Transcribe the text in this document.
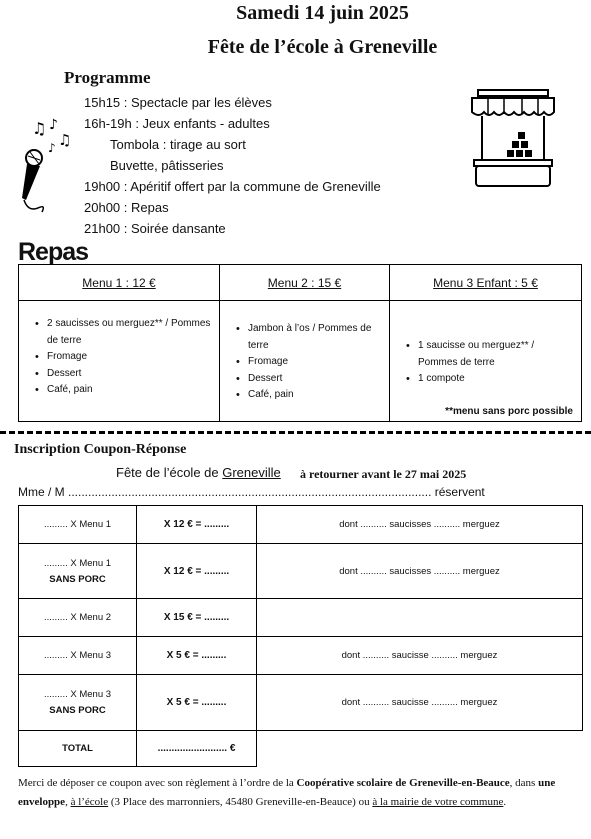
Samedi 14 juin 2025
Fête de l’école à Greneville
Programme
15h15 : Spectacle par les élèves
16h-19h : Jeux enfants - adultes
Tombola : tirage au sort
Buvette, pâtisseries
19h00 : Apéritif offert par la commune de Greneville
20h00 : Repas
21h00 : Soirée dansante
♫ ♪
♫
♪
Repas
Menu 1 : 12 €
• 2 saucisses ou merguez** / Pommes de terre
• Fromage
• Dessert
• Café, pain
Menu 2 : 15 €
• Jambon à l’os / Pommes de terre
• Fromage
• Dessert
• Café, pain
Menu 3 Enfant : 5 €
• 1 saucisse ou merguez** / Pommes de terre
• 1 compote
**menu sans porc possible
Inscription Coupon-Réponse
Fête de l’école de Greneville à retourner avant le 27 mai 2025
Mme / M ............................................................................................................. réservent
......... X Menu 1	X 12 € = .........	dont .......... saucisses .......... merguez
......... X Menu 1
SANS PORC	X 12 € = .........	dont .......... saucisses .......... merguez
......... X Menu 2	X 15 € = .........	
......... X Menu 3	X 5 € = .........	dont .......... saucisse .......... merguez
......... X Menu 3
SANS PORC	X 5 € = .........	dont .......... saucisse .......... merguez
TOTAL	......................... €	
Merci de déposer ce coupon avec son règlement à l’ordre de la Coopérative scolaire de Greneville-en-Beauce, dans une enveloppe, à l’école (3 Place des marronniers, 45480 Greneville-en-Beauce) ou à la mairie de votre commune.
